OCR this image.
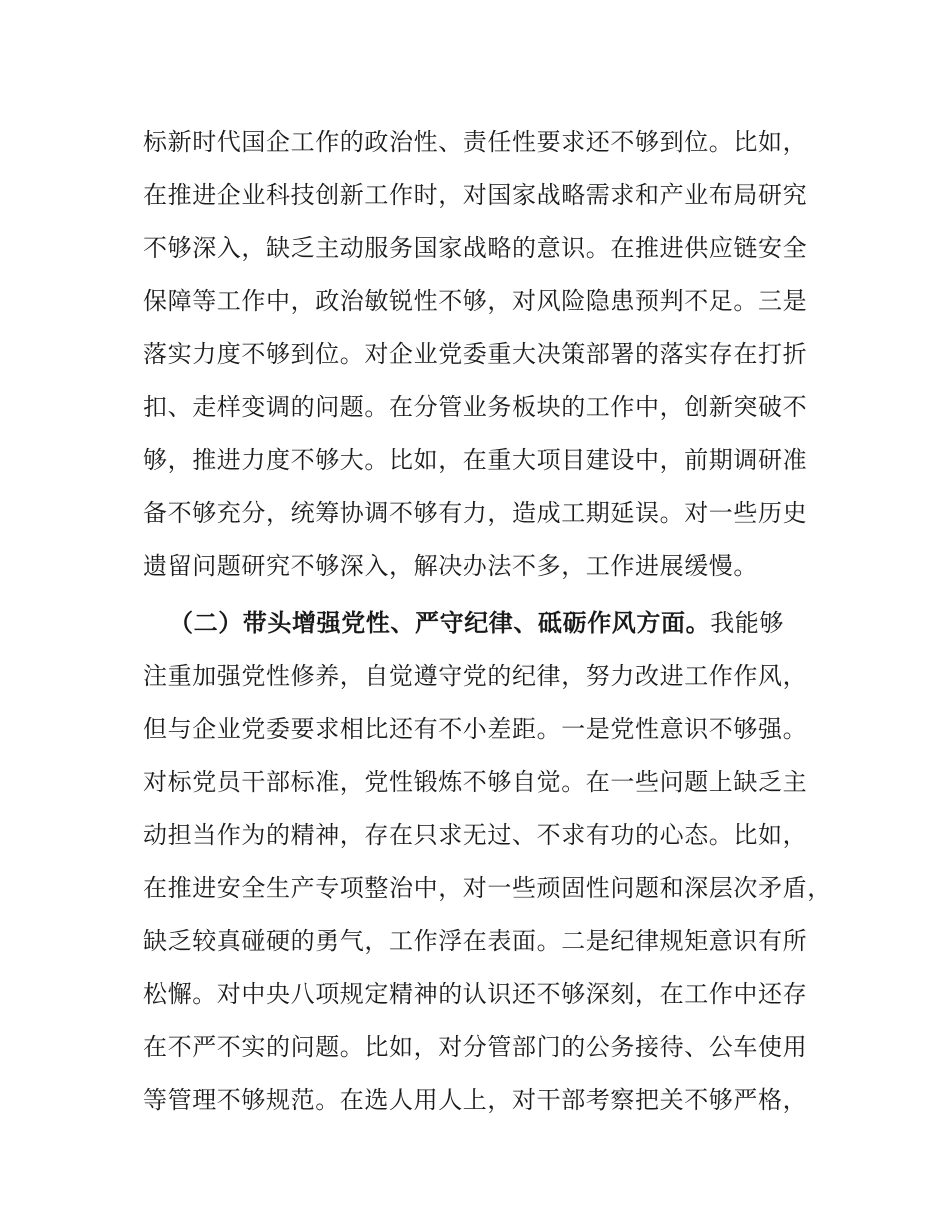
标新时代国企工作的政治性、责任性要求还不够到位。比如，
在推进企业科技创新工作时，对国家战略需求和产业布局研究
不够深入，缺乏主动服务国家战略的意识。在推进供应链安全
保障等工作中，政治敏锐性不够，对风险隐患预判不足。三是
落实力度不够到位。对企业党委重大决策部署的落实存在打折
扣、走样变调的问题。在分管业务板块的工作中，创新突破不
够，推进力度不够大。比如，在重大项目建设中，前期调研准
备不够充分，统筹协调不够有力，造成工期延误。对一些历史
遗留问题研究不够深入，解决办法不多，工作进展缓慢。
（二）带头增强党性、严守纪律、砥砺作风方面。我能够
注重加强党性修养，自觉遵守党的纪律，努力改进工作作风，
但与企业党委要求相比还有不小差距。一是党性意识不够强。
对标党员干部标准，党性锻炼不够自觉。在一些问题上缺乏主
动担当作为的精神，存在只求无过、不求有功的心态。比如，
在推进安全生产专项整治中，对一些顽固性问题和深层次矛盾，
缺乏较真碰硬的勇气，工作浮在表面。二是纪律规矩意识有所
松懈。对中央八项规定精神的认识还不够深刻，在工作中还存
在不严不实的问题。比如，对分管部门的公务接待、公车使用
等管理不够规范。在选人用人上，对干部考察把关不够严格，
